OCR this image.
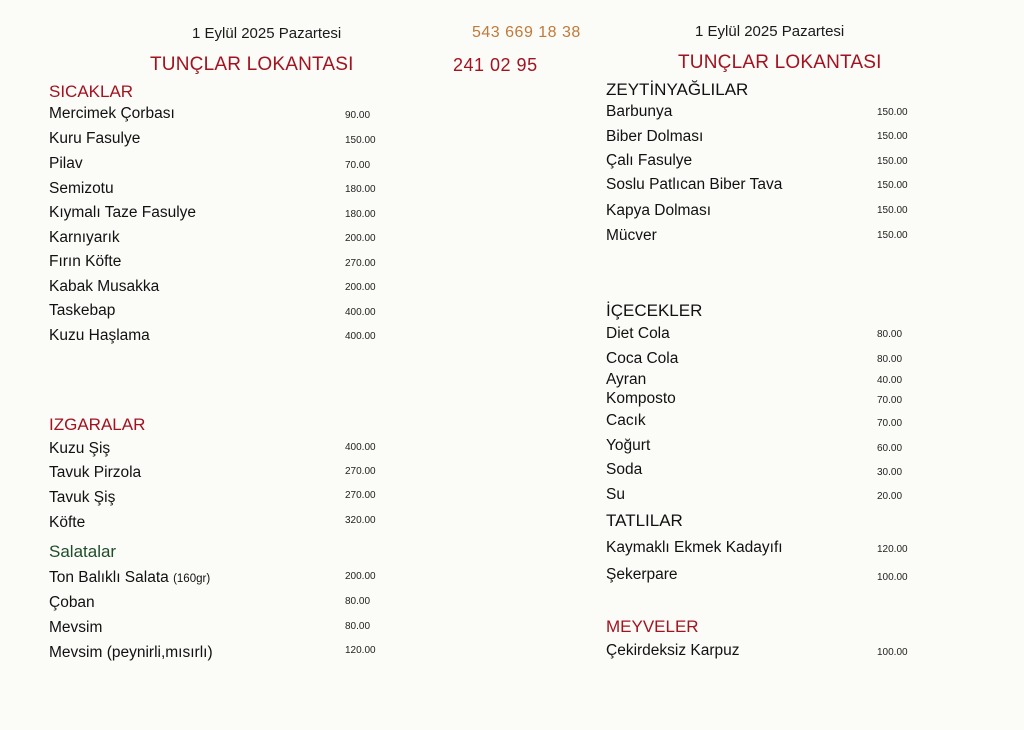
1 Eylül 2025 Pazartesi
TUNÇLAR LOKANTASI
543 669 18 38
241 02 95
1 Eylül 2025 Pazartesi
TUNÇLAR LOKANTASI
SICAKLAR
Mercimek Çorbası	90.00
Kuru Fasulye	150.00
Pilav	70.00
Semizotu	180.00
Kıymalı Taze Fasulye	180.00
Karnıyarık	200.00
Fırın Köfte	270.00
Kabak Musakka	200.00
Taskebap	400.00
Kuzu Haşlama	400.00
IZGARALAR
Kuzu Şiş	400.00
Tavuk Pirzola	270.00
Tavuk Şiş	270.00
Köfte	320.00
Salatalar
Ton Balıklı Salata (160gr)	200.00
Çoban	80.00
Mevsim	80.00
Mevsim (peynirli,mısırlı)	120.00
ZEYTİNYAĞLILAR
Barbunya	150.00
Biber Dolması	150.00
Çalı Fasulye	150.00
Soslu Patlıcan Biber Tava	150.00
Kapya Dolması	150.00
Mücver	150.00
İÇECEKLER
Diet Cola	80.00
Coca Cola	80.00
Ayran	40.00
Komposto	70.00
Cacık	70.00
Yoğurt	60.00
Soda	30.00
Su	20.00
TATLILAR
Kaymaklı Ekmek Kadayıfı	120.00
Şekerpare	100.00
MEYVELER
Çekirdeksiz Karpuz	100.00
